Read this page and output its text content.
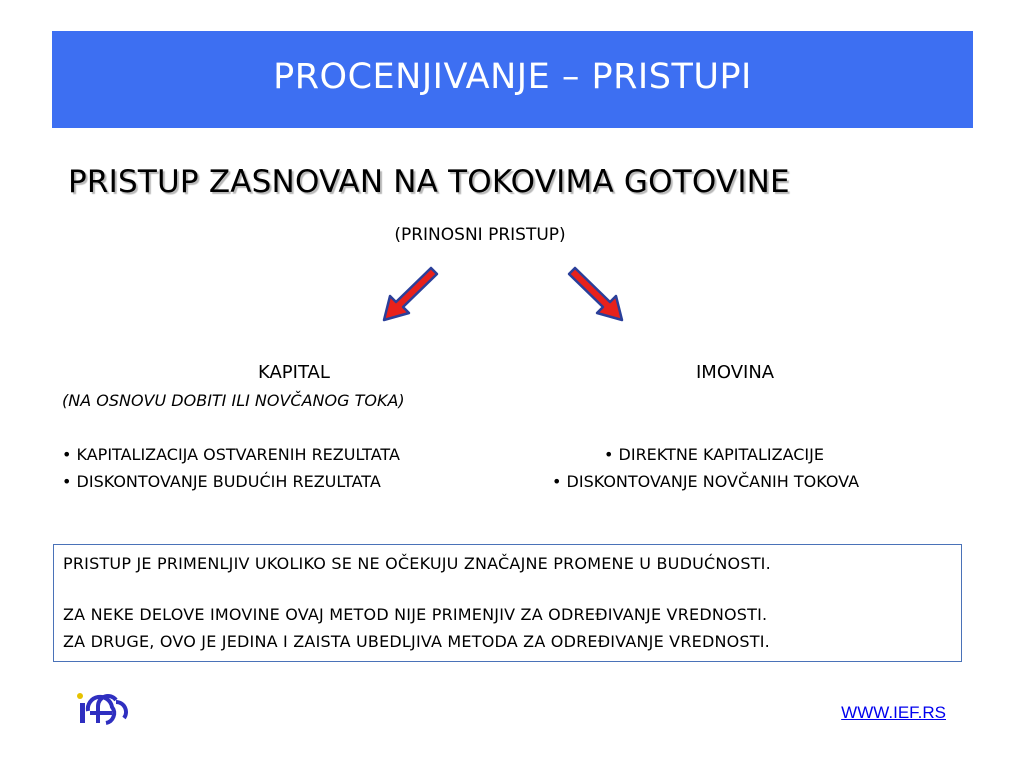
PROCENJIVANJE – PRISTUPI
PRISTUP ZASNOVAN NA TOKOVIMA GOTOVINE
(PRINOSNI PRISTUP)
KAPITAL
(NA OSNOVU DOBITI ILI NOVČANOG TOKA)
• KAPITALIZACIJA OSTVARENIH REZULTATA
• DISKONTOVANJE BUDUĆIH REZULTATA
IMOVINA
• DIREKTNE KAPITALIZACIJE
• DISKONTOVANJE NOVČANIH TOKOVA
PRISTUP JE PRIMENLJIV UKOLIKO SE NE OČEKUJU ZNAČAJNE PROMENE U BUDUĆNOSTI.
ZA NEKE DELOVE IMOVINE OVAJ METOD NIJE PRIMENJIV ZA ODREĐIVANJE VREDNOSTI.
ZA DRUGE, OVO JE JEDINA I ZAISTA UBEDLJIVA METODA ZA ODREĐIVANJE VREDNOSTI.
WWW.IEF.RS
